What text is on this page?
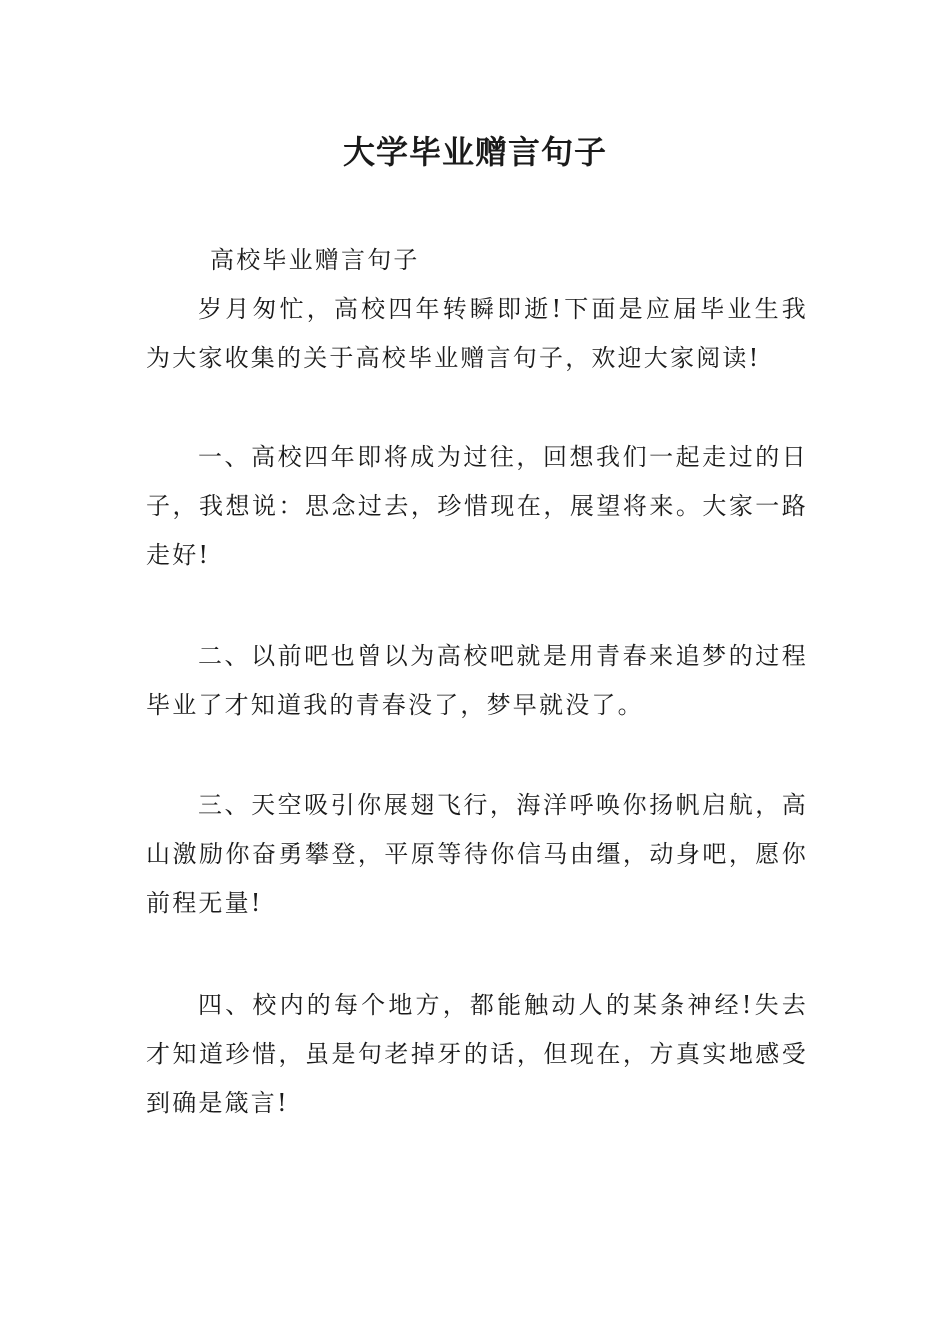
大学毕业赠言句子

高校毕业赠言句子

岁月匆忙，高校四年转瞬即逝!下面是应届毕业生我为大家收集的关于高校毕业赠言句子，欢迎大家阅读!

一、高校四年即将成为过往，回想我们一起走过的日子，我想说：思念过去，珍惜现在，展望将来。大家一路走好!

二、以前吧也曾以为高校吧就是用青春来追梦的过程毕业了才知道我的青春没了，梦早就没了。

三、天空吸引你展翅飞行，海洋呼唤你扬帆启航，高山激励你奋勇攀登，平原等待你信马由缰，动身吧，愿你前程无量!

四、校内的每个地方，都能触动人的某条神经!失去才知道珍惜，虽是句老掉牙的话，但现在，方真实地感受到确是箴言!
